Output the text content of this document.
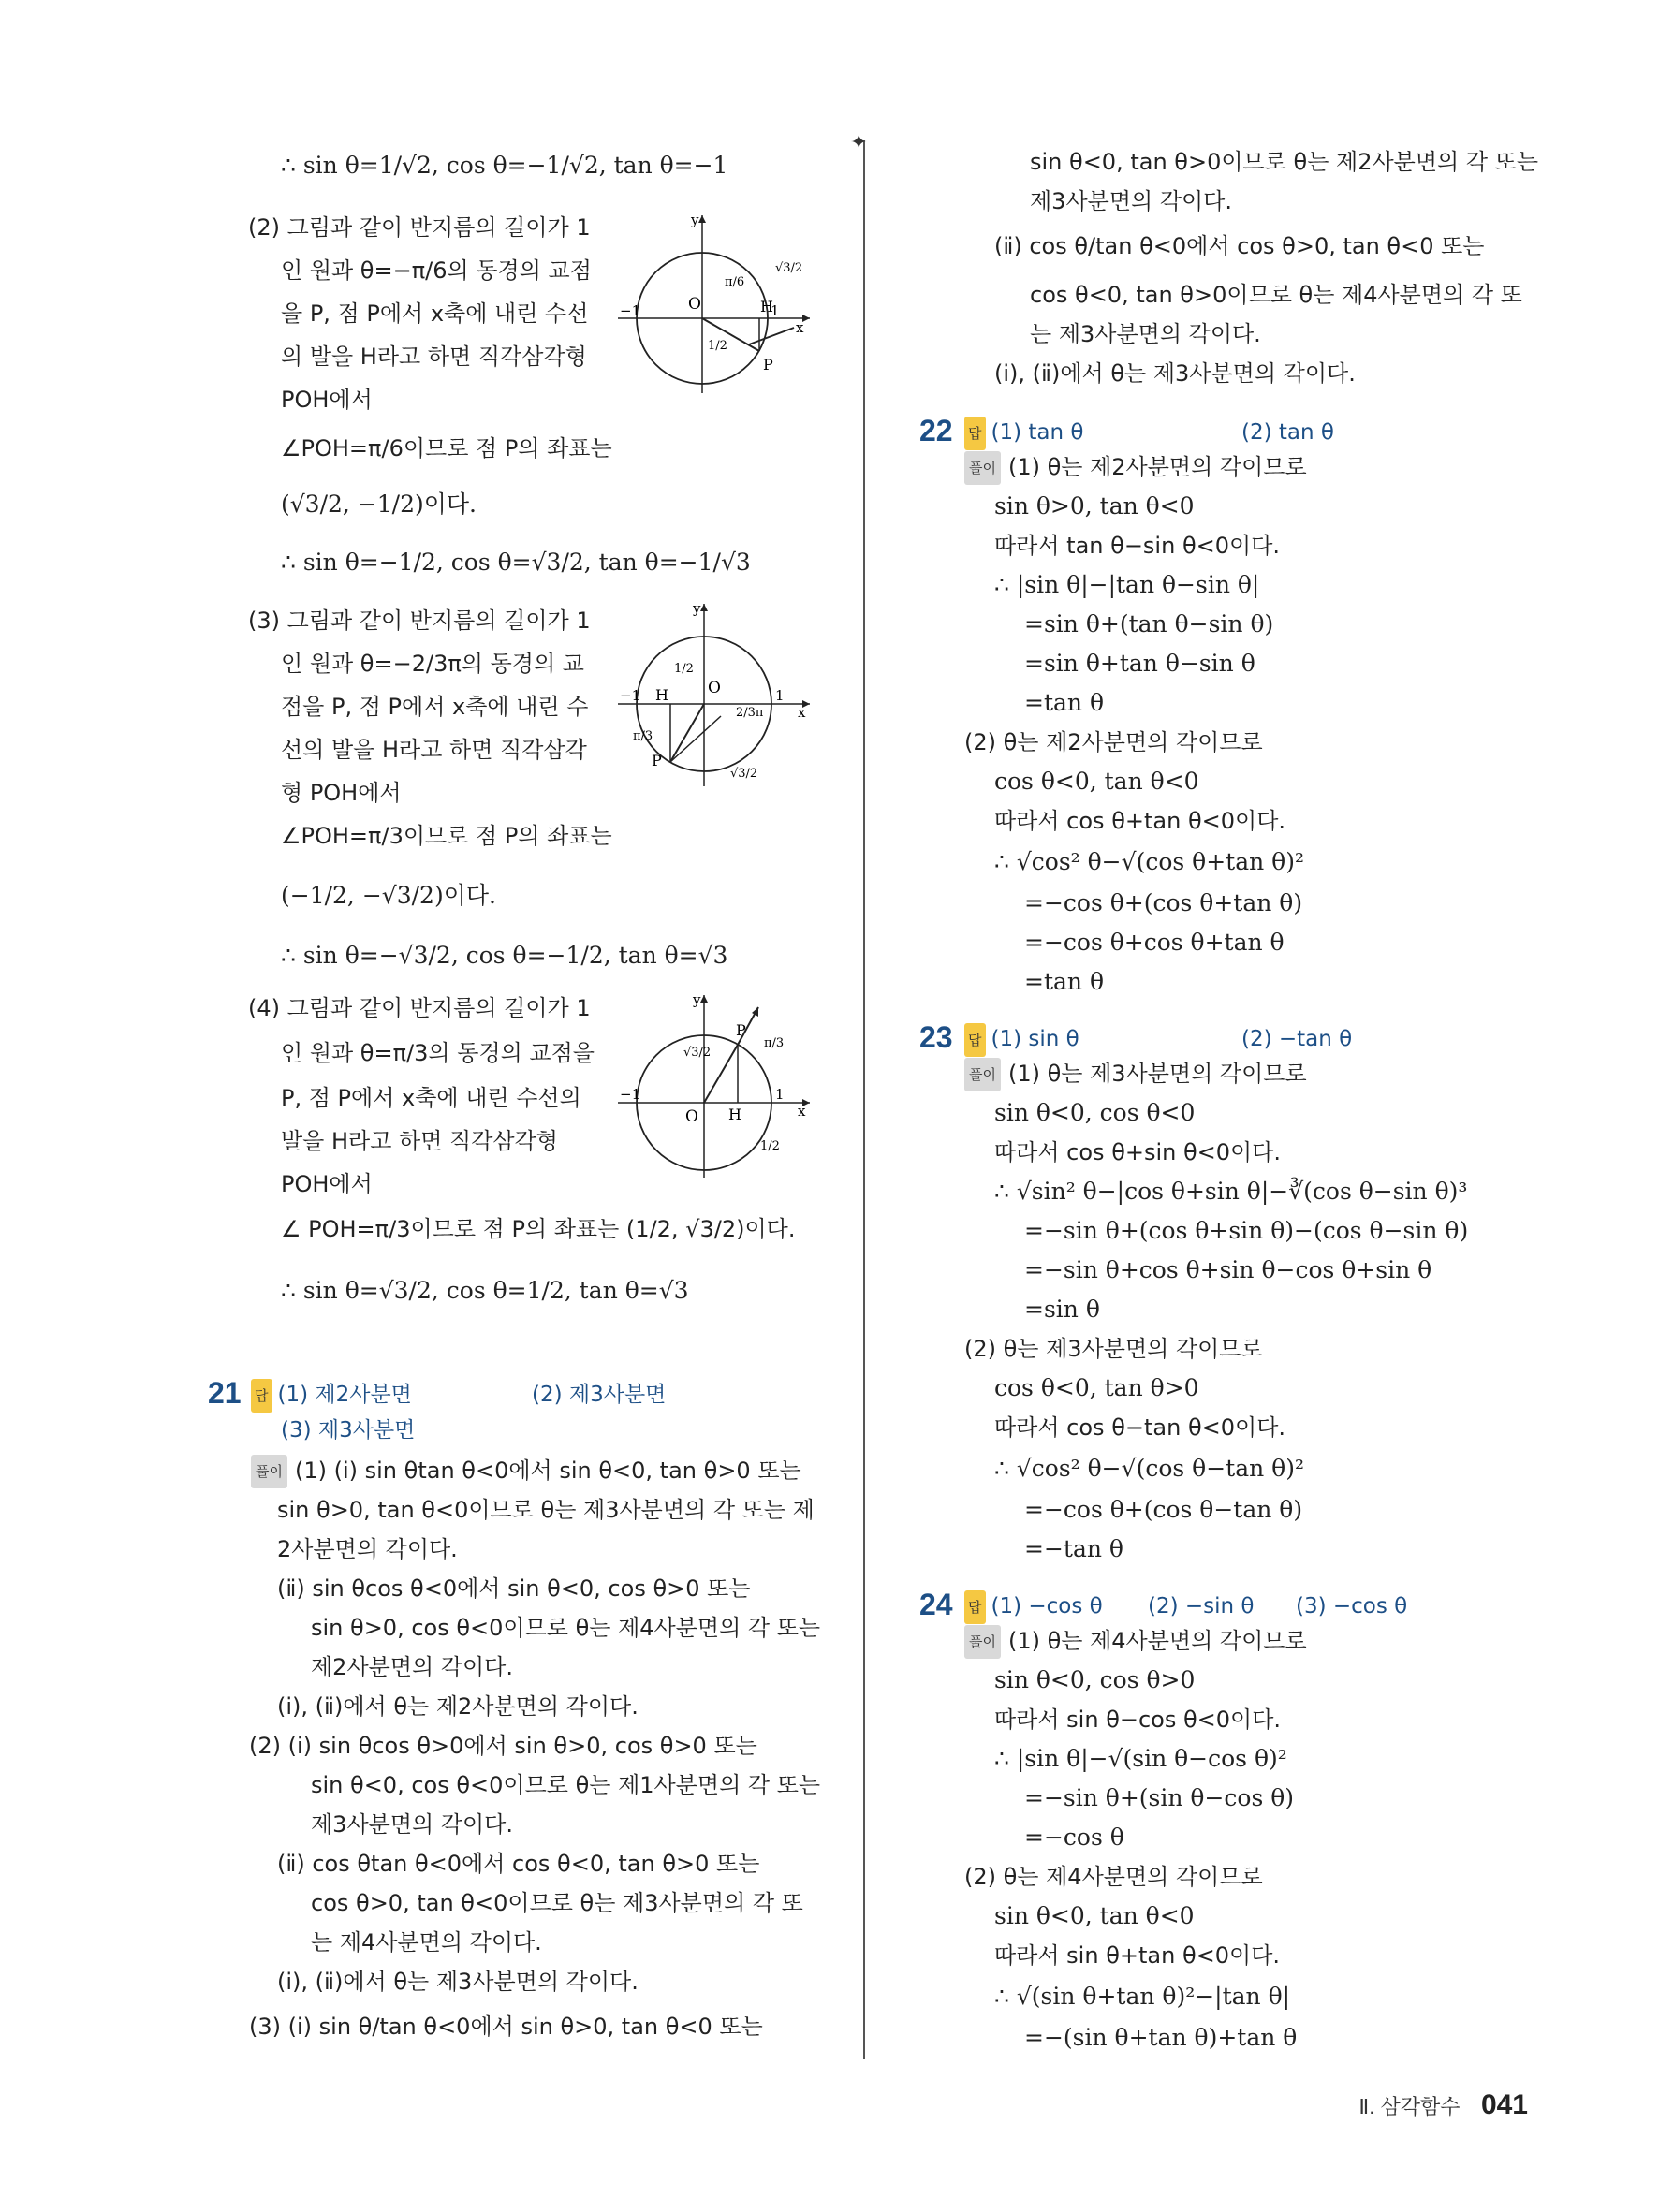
∴ sin θ=1/√2, cos θ=−1/√2, tan θ=−1
(2) 그림과 같이 반지름의 길이가 1
인 원과 θ=−π/6의 동경의 교점
을 P, 점 P에서 x축에 내린 수선
의 발을 H라고 하면 직각삼각형
POH에서
∠POH=π/6이므로 점 P의 좌표는
(√3/2, −1/2)이다.
∴ sin θ=−1/2, cos θ=√3/2, tan θ=−1/√3
(3) 그림과 같이 반지름의 길이가 1
인 원과 θ=−2/3π의 동경의 교
점을 P, 점 P에서 x축에 내린 수
선의 발을 H라고 하면 직각삼각
형 POH에서
∠POH=π/3이므로 점 P의 좌표는
(−1/2, −√3/2)이다.
∴ sin θ=−√3/2, cos θ=−1/2, tan θ=√3
(4) 그림과 같이 반지름의 길이가 1
인 원과 θ=π/3의 동경의 교점을
P, 점 P에서 x축에 내린 수선의
발을 H라고 하면 직각삼각형
POH에서
∠ POH=π/3이므로 점 P의 좌표는 (1/2, √3/2)이다.
∴ sin θ=√3/2, cos θ=1/2, tan θ=√3
21 답 (1) 제2사분면	(2) 제3사분면
(3) 제3사분면
풀이 (1) (ⅰ) sin θtan θ<0에서 sin θ<0, tan θ>0 또는
sin θ>0, tan θ<0이므로 θ는 제3사분면의 각 또는 제
2사분면의 각이다.
(ⅱ) sin θcos θ<0에서 sin θ<0, cos θ>0 또는
sin θ>0, cos θ<0이므로 θ는 제4사분면의 각 또는
제2사분면의 각이다.
(ⅰ), (ⅱ)에서 θ는 제2사분면의 각이다.
(2) (ⅰ) sin θcos θ>0에서 sin θ>0, cos θ>0 또는
sin θ<0, cos θ<0이므로 θ는 제1사분면의 각 또는
제3사분면의 각이다.
(ⅱ) cos θtan θ<0에서 cos θ<0, tan θ>0 또는
cos θ>0, tan θ<0이므로 θ는 제3사분면의 각 또
는 제4사분면의 각이다.
(ⅰ), (ⅱ)에서 θ는 제3사분면의 각이다.
(3) (ⅰ) sin θ/tan θ<0에서 sin θ>0, tan θ<0 또는
x
y
O
−1	1
H
P
π/6
√3/2
1/2
x
y
O
−1	1
H
P
π/3
√3/2
1/2
2/3π
x
y
O
−1	1
H
P
π/3
√3/2
1/2
✦
sin θ<0, tan θ>0이므로 θ는 제2사분면의 각 또는
제3사분면의 각이다.
(ⅱ) cos θ/tan θ<0에서 cos θ>0, tan θ<0 또는
cos θ<0, tan θ>0이므로 θ는 제4사분면의 각 또
는 제3사분면의 각이다.
(ⅰ), (ⅱ)에서 θ는 제3사분면의 각이다.
22 답 (1) tan θ	(2) tan θ
풀이 (1) θ는 제2사분면의 각이므로
sin θ>0, tan θ<0
따라서 tan θ−sin θ<0이다.
∴ |sin θ|−|tan θ−sin θ|
=sin θ+(tan θ−sin θ)
=sin θ+tan θ−sin θ
=tan θ
(2) θ는 제2사분면의 각이므로
cos θ<0, tan θ<0
따라서 cos θ+tan θ<0이다.
∴ √cos² θ−√(cos θ+tan θ)²
=−cos θ+(cos θ+tan θ)
=−cos θ+cos θ+tan θ
=tan θ
23 답 (1) sin θ	(2) −tan θ
풀이 (1) θ는 제3사분면의 각이므로
sin θ<0, cos θ<0
따라서 cos θ+sin θ<0이다.
∴ √sin² θ−|cos θ+sin θ|−∛(cos θ−sin θ)³
=−sin θ+(cos θ+sin θ)−(cos θ−sin θ)
=−sin θ+cos θ+sin θ−cos θ+sin θ
=sin θ
(2) θ는 제3사분면의 각이므로
cos θ<0, tan θ>0
따라서 cos θ−tan θ<0이다.
∴ √cos² θ−√(cos θ−tan θ)²
=−cos θ+(cos θ−tan θ)
=−tan θ
24 답 (1) −cos θ (2) −sin θ (3) −cos θ
풀이 (1) θ는 제4사분면의 각이므로
sin θ<0, cos θ>0
따라서 sin θ−cos θ<0이다.
∴ |sin θ|−√(sin θ−cos θ)²
=−sin θ+(sin θ−cos θ)
=−cos θ
(2) θ는 제4사분면의 각이므로
sin θ<0, tan θ<0
따라서 sin θ+tan θ<0이다.
∴ √(sin θ+tan θ)²−|tan θ|
=−(sin θ+tan θ)+tan θ
Ⅱ. 삼각함수 041
